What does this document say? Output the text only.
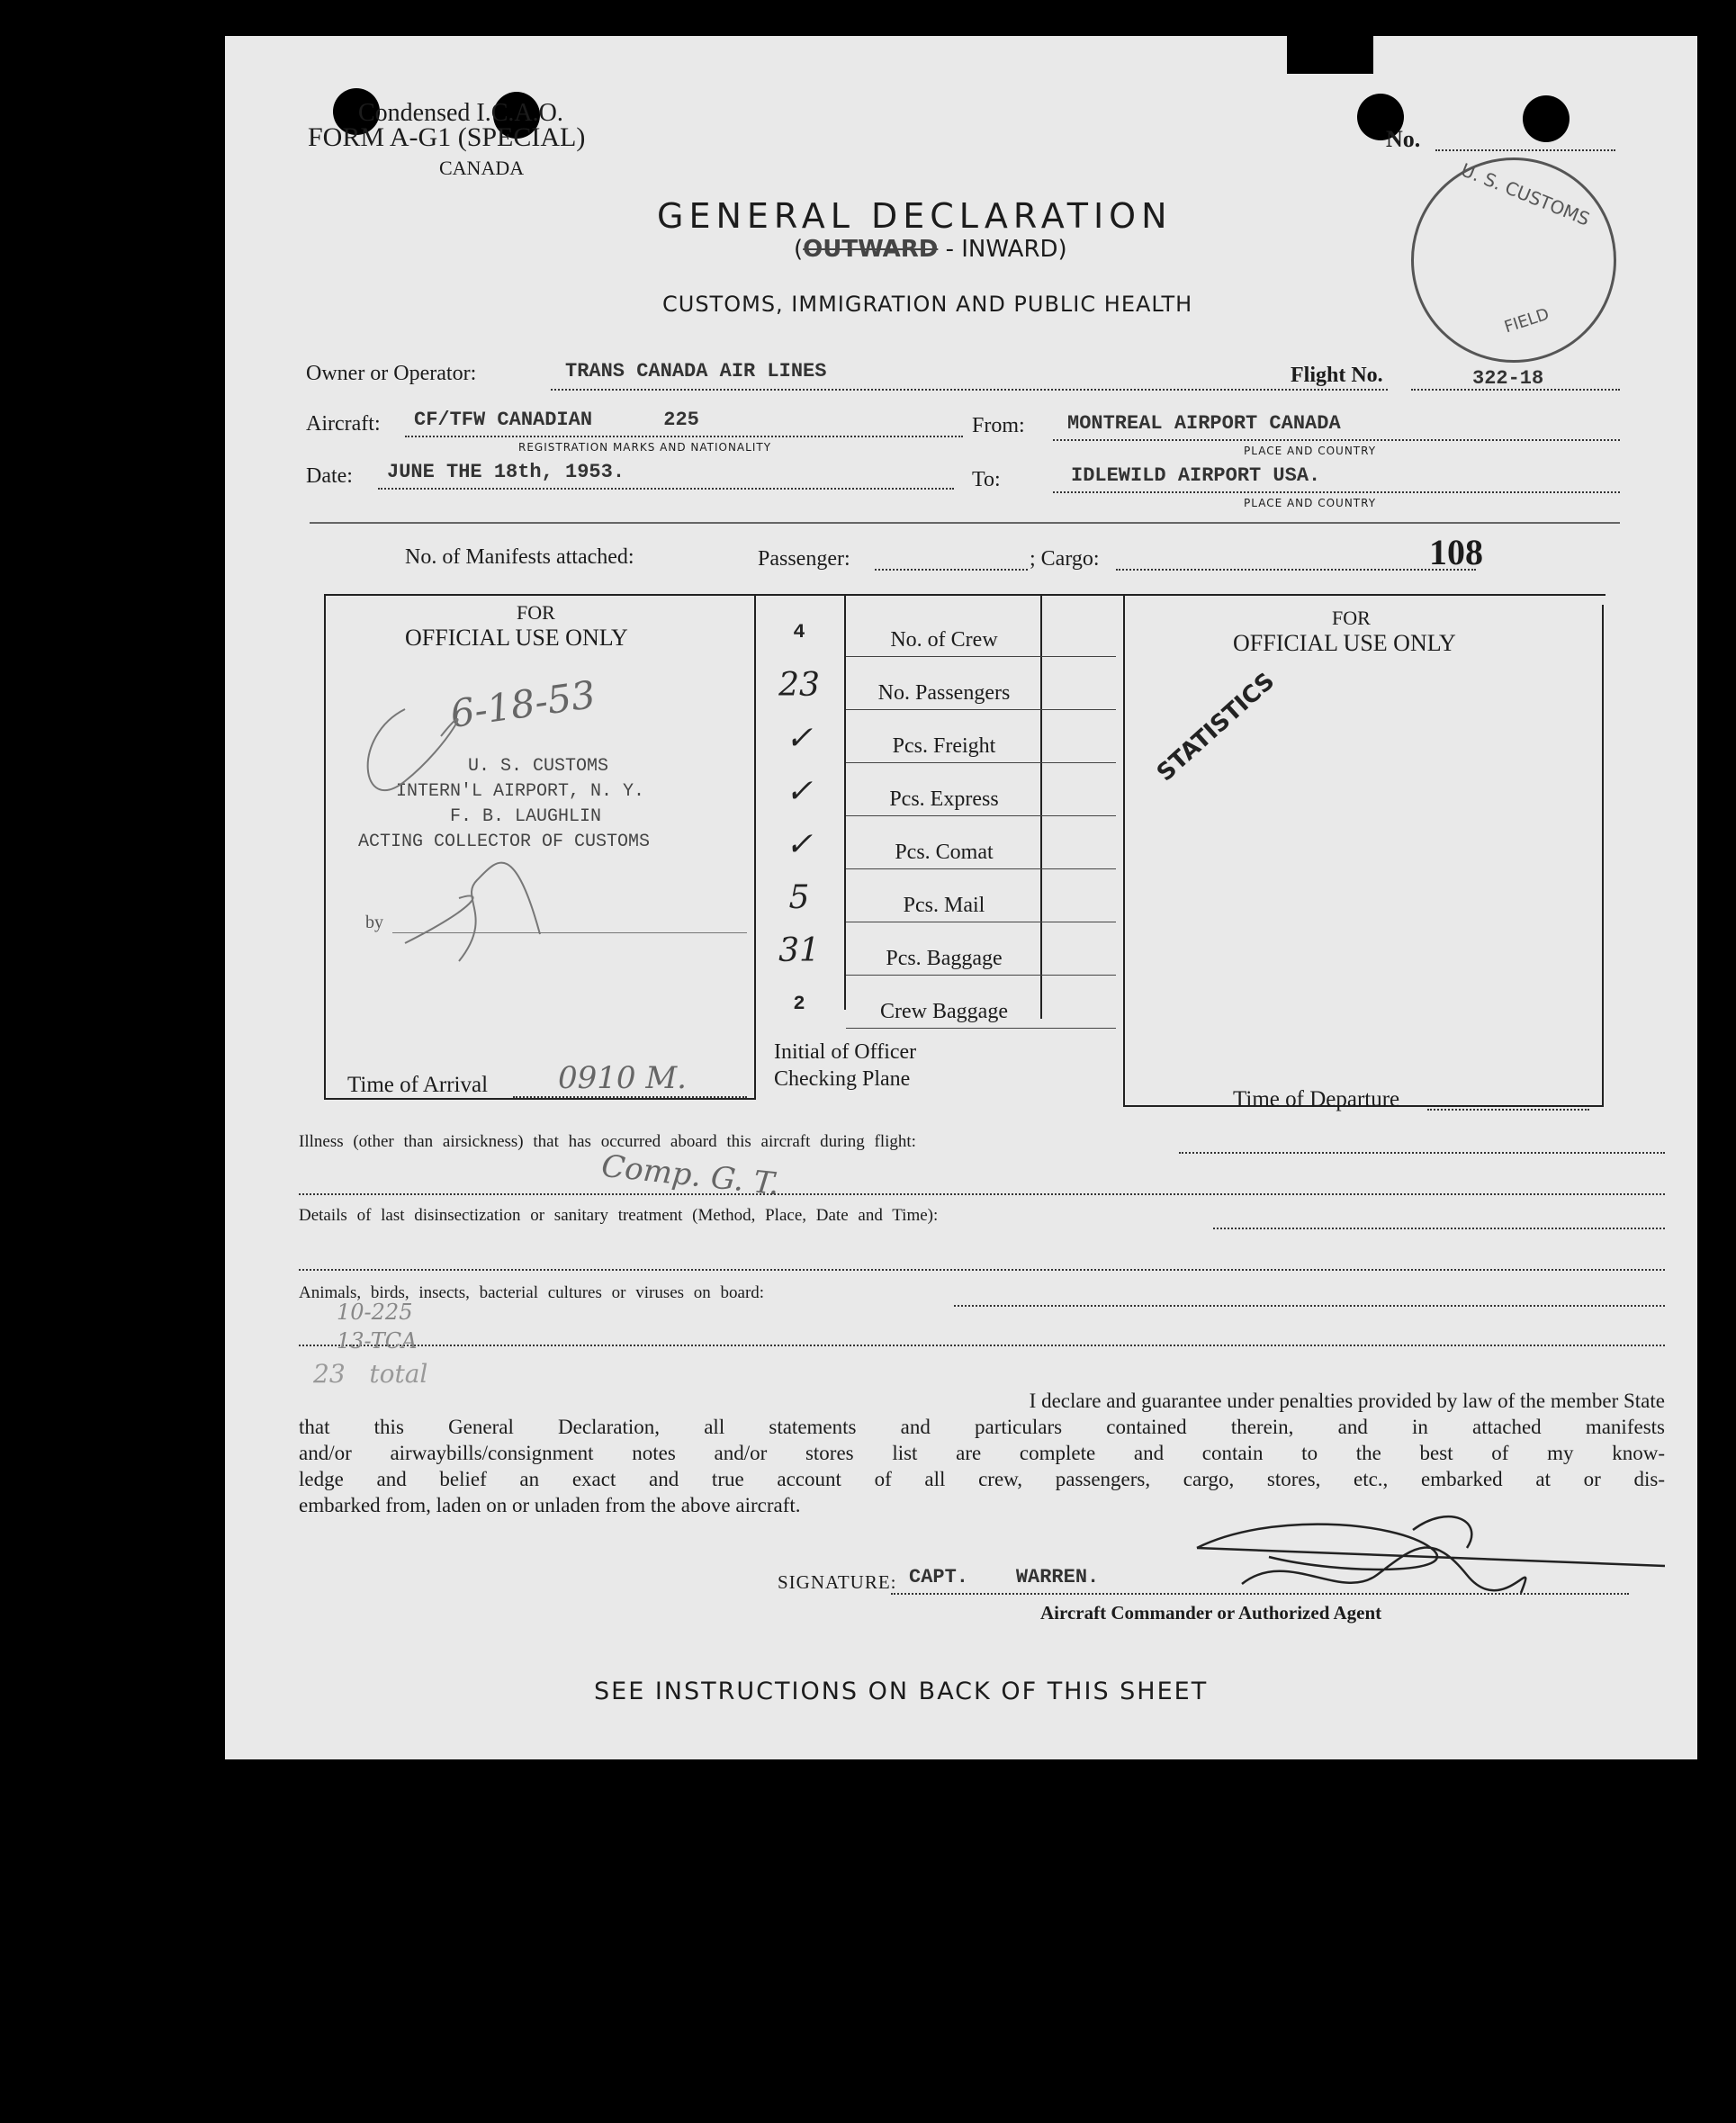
Condensed I.C.A.O.
FORM A-G1 (SPECIAL)
CANADA
No.
U. S. CUSTOMS
FIELD
GENERAL DECLARATION
(OUTWARD - INWARD)
CUSTOMS, IMMIGRATION AND PUBLIC HEALTH
Owner or Operator:	TRANS CANADA AIR LINES	Flight No.	322-18
Aircraft: CF/TFW CANADIAN      225
REGISTRATION MARKS AND NATIONALITY
From: MONTREAL AIRPORT CANADA
PLACE AND COUNTRY
Date: JUNE THE 18th, 1953.	To:	IDLEWILD AIRPORT USA.
PLACE AND COUNTRY
No. of Manifests attached:	Passenger:	; Cargo:	108
FOR
OFFICIAL USE ONLY
6-18-53
U. S. CUSTOMS
INTERN'L AIRPORT, N. Y.
F. B. LAUGHLIN
ACTING COLLECTOR OF CUSTOMS
by
Time of Arrival 0910 M.
4	No. of Crew
23	No. Passengers
✓	Pcs. Freight
✓	Pcs. Express
✓	Pcs. Comat
5	Pcs. Mail
31	Pcs. Baggage
2	Crew Baggage
Initial of Officer
Checking Plane
FOR
OFFICIAL USE ONLY
STATISTICS
Time of Departure
Illness (other than airsickness) that has occurred aboard this aircraft during flight:
Comp. G. T.
Details of last disinsectization or sanitary treatment (Method, Place, Date and Time):
Animals, birds, insects, bacterial cultures or viruses on board:
10-225
13-TCA
23   total
I declare and guarantee under penalties provided by law of the member State
that this General Declaration, all statements and particulars contained therein, and in attached manifests
and/or airwaybills/consignment notes and/or stores list are complete and contain to the best of my know-
ledge and belief an exact and true account of all crew, passengers, cargo, stores, etc., embarked at or dis-
embarked from, laden on or unladen from the above aircraft.
SIGNATURE: CAPT.    WARREN.
Aircraft Commander or Authorized Agent
SEE INSTRUCTIONS ON BACK OF THIS SHEET
